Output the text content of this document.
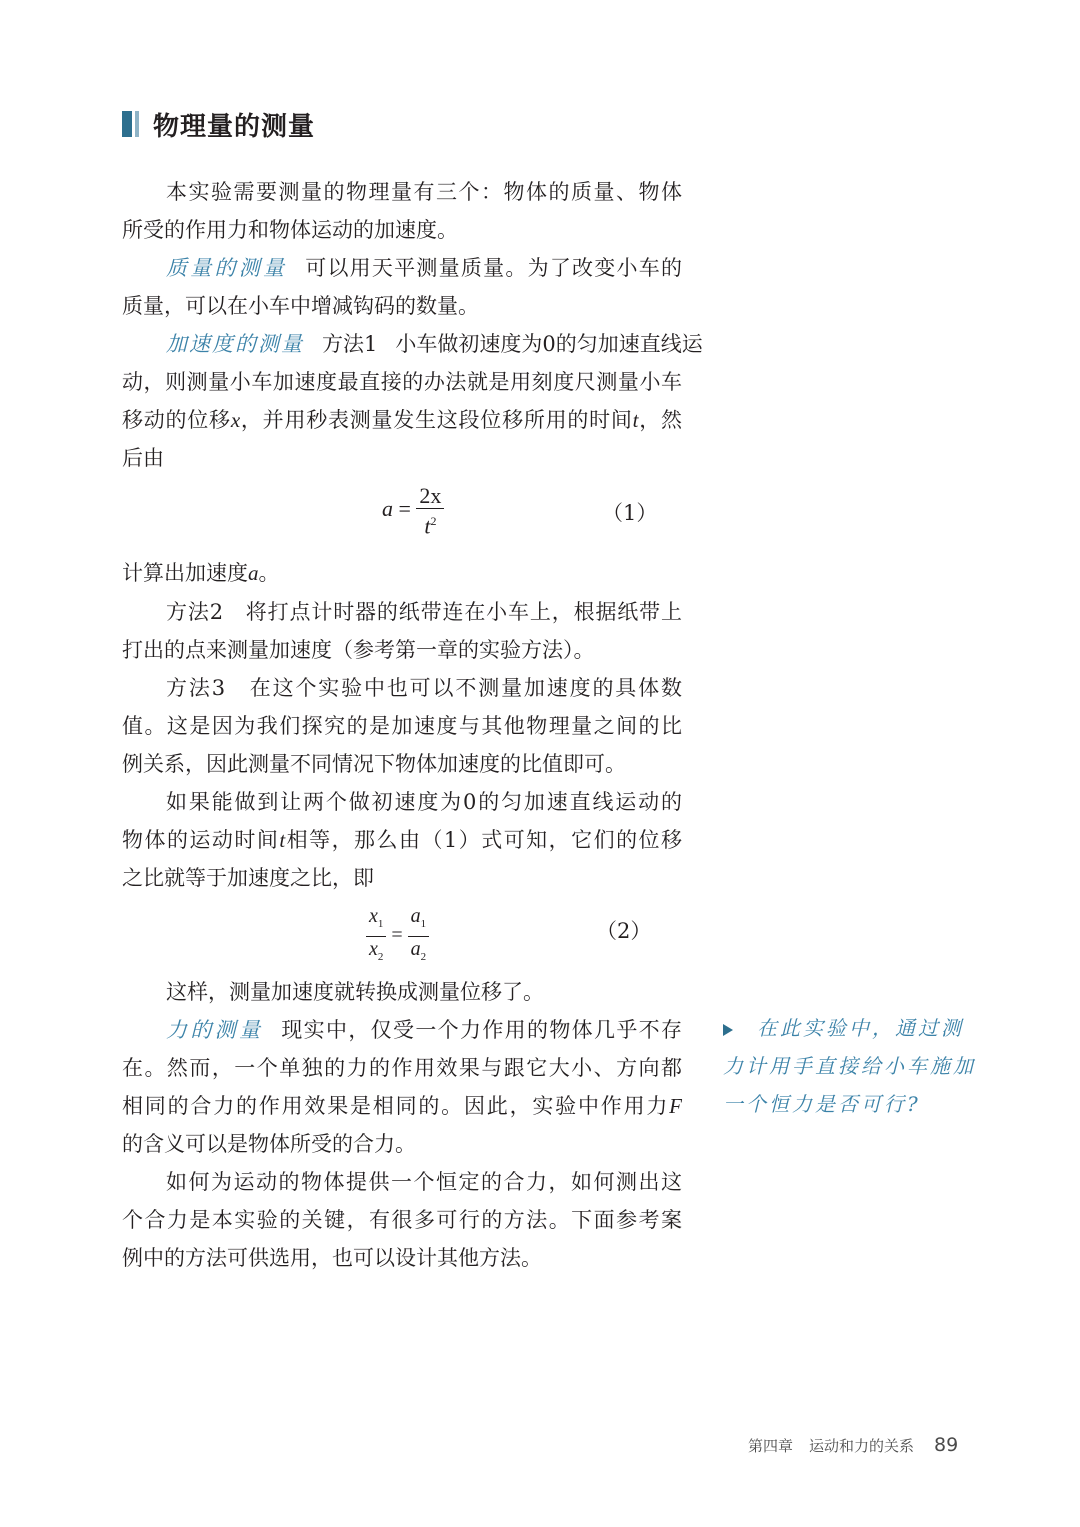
物理量的测量
本实验需要测量的物理量有三个：物体的质量、物体
所受的作用力和物体运动的加速度。
质量的测量 可以用天平测量质量。为了改变小车的
质量，可以在小车中增减钩码的数量。
加速度的测量 方法1 小车做初速度为0的匀加速直线运
动，则测量小车加速度最直接的办法就是用刻度尺测量小车
移动的位移x，并用秒表测量发生这段位移所用的时间t，然
后由
计算出加速度a。
方法2　将打点计时器的纸带连在小车上，根据纸带上
打出的点来测量加速度（参考第一章的实验方法）。
方法3　在这个实验中也可以不测量加速度的具体数
值。这是因为我们探究的是加速度与其他物理量之间的比
例关系，因此测量不同情况下物体加速度的比值即可。
如果能做到让两个做初速度为0的匀加速直线运动的
物体的运动时间t相等，那么由（1）式可知，它们的位移
之比就等于加速度之比，即
这样，测量加速度就转换成测量位移了。
力的测量 现实中，仅受一个力作用的物体几乎不存
在。然而，一个单独的力的作用效果与跟它大小、方向都
相同的合力的作用效果是相同的。因此，实验中作用力F
的含义可以是物体所受的合力。
如何为运动的物体提供一个恒定的合力，如何测出这
个合力是本实验的关键，有很多可行的方法。下面参考案
例中的方法可供选用，也可以设计其他方法。
$a = \frac{2x}{t^2}$	（1）
$\frac{x_1}{x_2} = \frac{a_1}{a_2}$	（2）
在此实验中，通过测
力计用手直接给小车施加
一个恒力是否可行?
第四章 运动和力的关系 89
